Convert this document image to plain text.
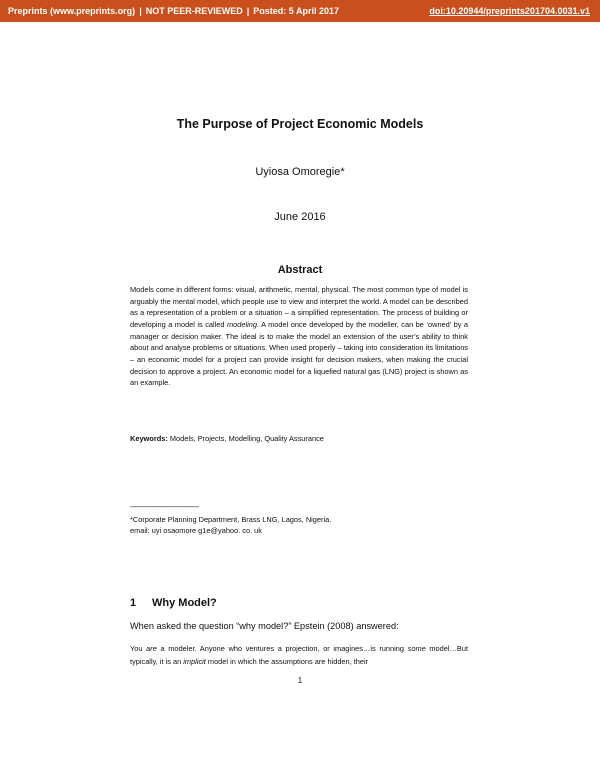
Preprints (www.preprints.org) | NOT PEER-REVIEWED | Posted: 5 April 2017	doi:10.20944/preprints201704.0031.v1
The Purpose of Project Economic Models
Uyiosa Omoregie*
June 2016
Abstract

Models come in different forms: visual, arithmetic, mental, physical. The most common type of model is arguably the mental model, which people use to view and interpret the world. A model can be described as a representation of a problem or a situation – a simplified representation. The process of building or developing a model is called modeling. A model once developed by the modeller, can be ‘owned’ by a manager or decision maker. The ideal is to make the model an extension of the user’s ability to think about and analyse problems or situations. When used properly – taking into consideration its limitations – an economic model for a project can provide insight for decision makers, when making the crucial decision to approve a project. An economic model for a liquefied natural gas (LNG) project is shown as an example.

Keywords: Models, Projects, Modelling, Quality Assurance
-----------------------------------
*Corporate Planning Department, Brass LNG, Lagos, Nigeria.
email: uyi osaomore g1e@yahoo. co. uk
1 Why Model?
When asked the question “why model?” Epstein (2008) answered:

You are a modeler. Anyone who ventures a projection, or imagines…is running some model…But typically, it is an implicit model in which the assumptions are hidden, their

1
